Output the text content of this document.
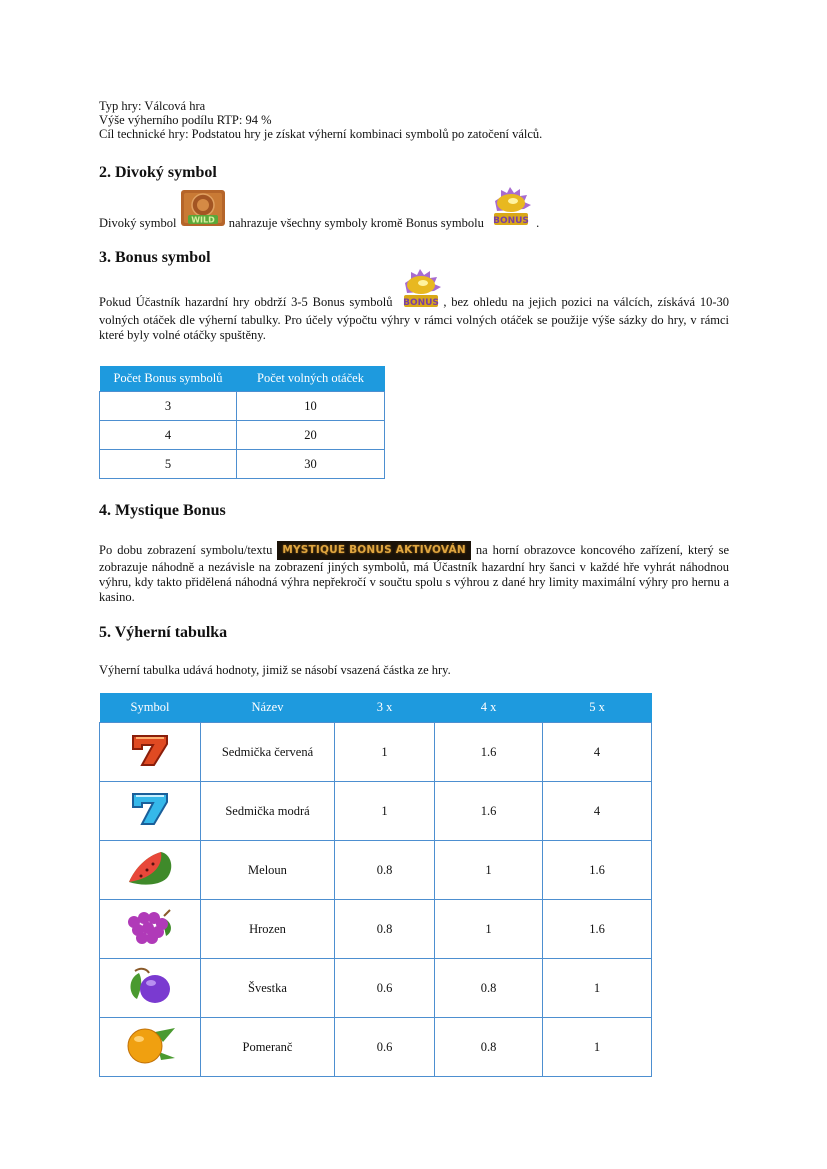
Typ hry: Válcová hra

Výše výherního podílu RTP: 94 %

Cíl technické hry: Podstatou hry je získat výherní kombinaci symbolů po zatočení válců.

2. Divoký symbol

Divoký symbol WILD nahrazuje všechny symboly kromě Bonus symbolu BONUS .

3. Bonus symbol

Pokud Účastník hazardní hry obdrží 3-5 Bonus symbolů BONUS , bez ohledu na jejich pozici na válcích, získává 10-30 volných otáček dle výherní tabulky. Pro účely výpočtu výhry v rámci volných otáček se použije výše sázky do hry, v rámci které byly volné otáčky spuštěny.

Počet Bonus symbolů	Počet volných otáček
3	10
4	20
5	30
4. Mystique Bonus

Po dobu zobrazení symbolu/textu MYSTIQUE BONUS AKTIVOVÁN na horní obrazovce koncového zařízení, který se zobrazuje náhodně a nezávisle na zobrazení jiných symbolů, má Účastník hazardní hry šanci v každé hře vyhrát náhodnou výhru, kdy takto přidělená náhodná výhra nepřekročí v součtu spolu s výhrou z dané hry limity maximální výhry pro hernu a kasino.

5. Výherní tabulka

Výherní tabulka udává hodnoty, jimiž se násobí vsazená částka ze hry.

Symbol	Název	3 x	4 x	5 x
	Sedmička červená	1	1.6	4
	Sedmička modrá	1	1.6	4
	Meloun	0.8	1	1.6
	Hrozen	0.8	1	1.6
	Švestka	0.6	0.8	1
	Pomeranč	0.6	0.8	1
